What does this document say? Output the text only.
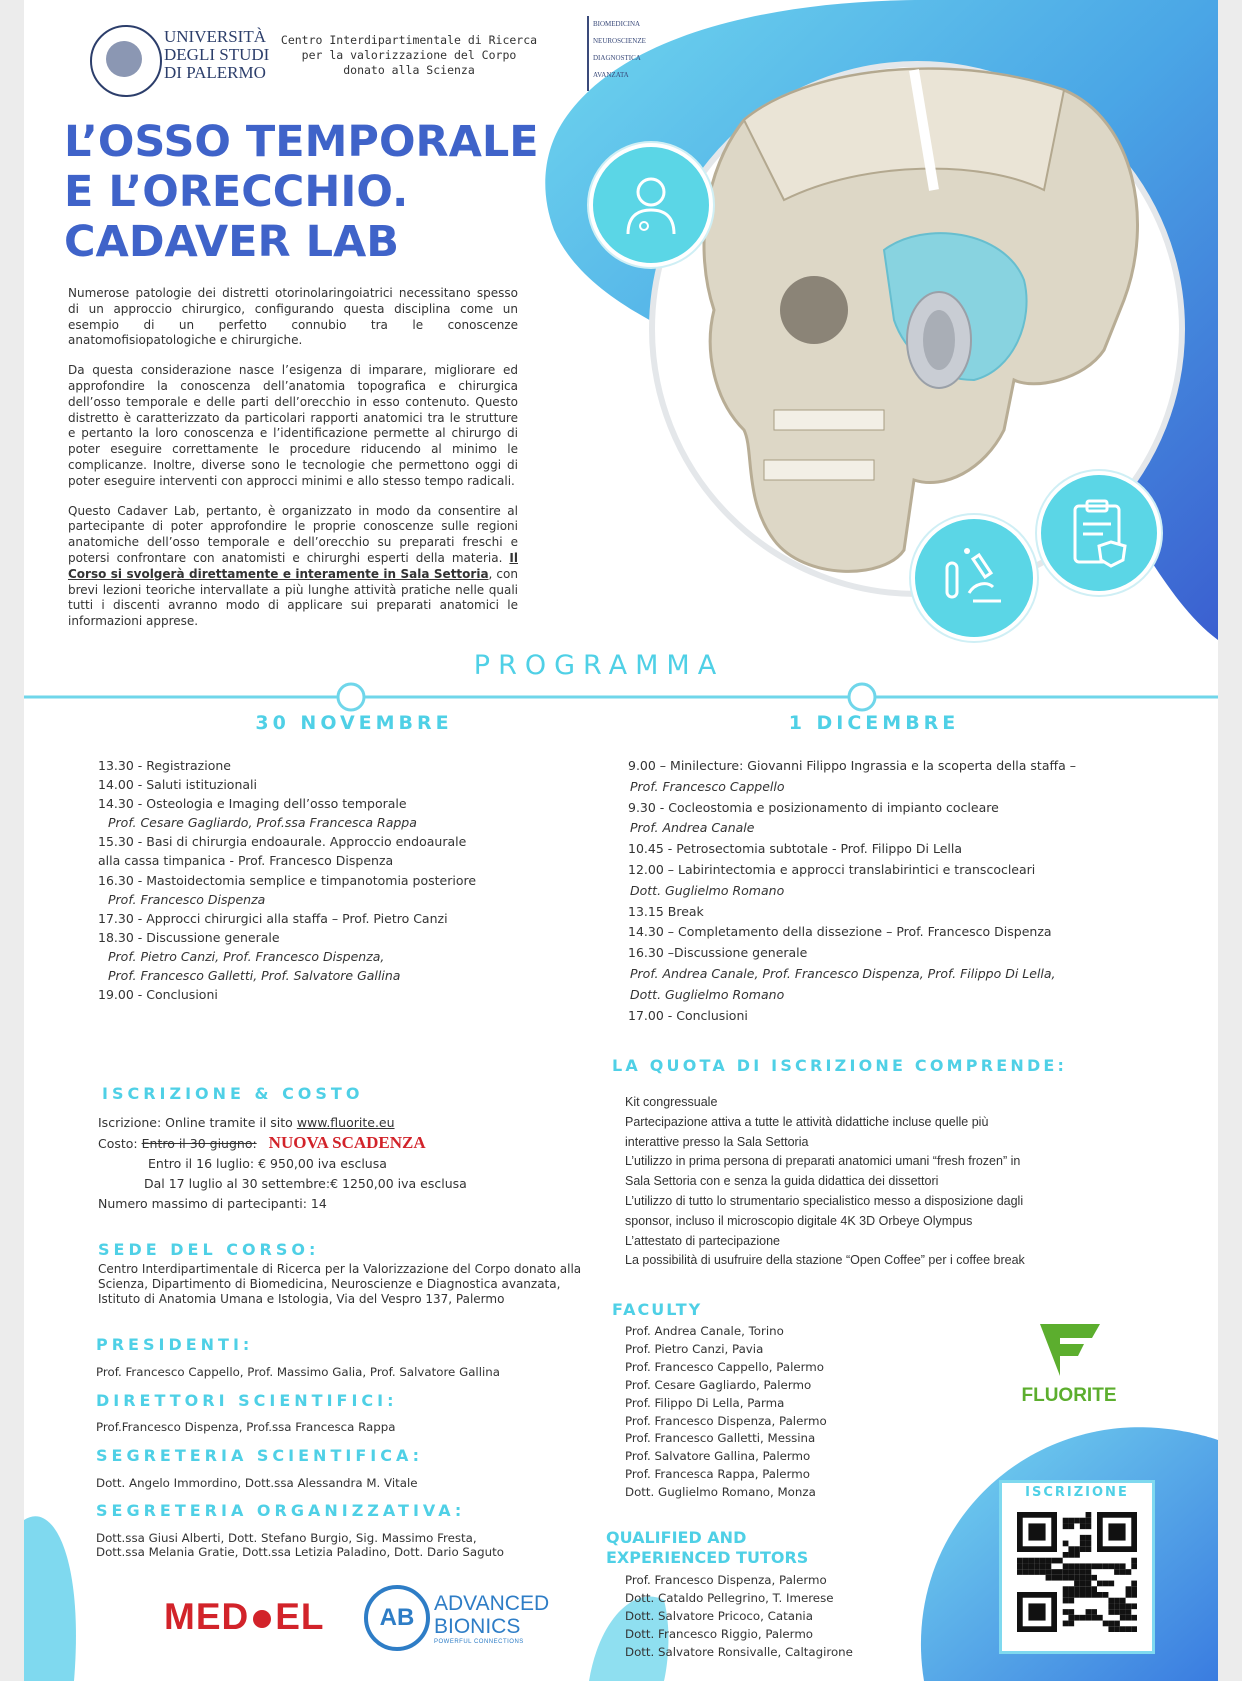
UNIVERSITÀ
DEGLI STUDI
DI PALERMO
Centro Interdipartimentale di Ricerca
per la valorizzazione del Corpo
donato alla Scienza
BIOMEDICINA
NEUROSCIENZE
DIAGNOSTICA
AVANZATA
L’OSSO TEMPORALE
E L’ORECCHIO.
CADAVER LAB

Numerose patologie dei distretti otorinolaringoiatrici necessitano spesso di un approccio chirurgico, configurando questa disciplina come un esempio di un perfetto connubio tra le conoscenze anatomofisiopatologiche e chirurgiche.

Da questa considerazione nasce l’esigenza di imparare, migliorare ed approfondire la conoscenza dell’anatomia topografica e chirurgica dell’osso temporale e delle parti dell’orecchio in esso contenuto. Questo distretto è caratterizzato da particolari rapporti anatomici tra le strutture e pertanto la loro conoscenza e l’identificazione permette al chirurgo di poter eseguire correttamente le procedure riducendo al minimo le complicanze. Inoltre, diverse sono le tecnologie che permettono oggi di poter eseguire interventi con approcci minimi e allo stesso tempo radicali.

Questo Cadaver Lab, pertanto, è organizzato in modo da consentire al partecipante di poter approfondire le proprie conoscenze sulle regioni anatomiche dell’osso temporale e dell’orecchio su preparati freschi e potersi confrontare con anatomisti e chirurghi esperti della materia. Il Corso si svolgerà direttamente e interamente in Sala Settoria, con brevi lezioni teoriche intervallate a più lunghe attività pratiche nelle quali tutti i discenti avranno modo di applicare sui preparati anatomici le informazioni apprese.

PROGRAMMA
30 NOVEMBRE	1 DICEMBRE
13.30 - Registrazione
14.00 - Saluti istituzionali
14.30 - Osteologia e Imaging dell’osso temporale
Prof. Cesare Gagliardo, Prof.ssa Francesca Rappa
15.30 - Basi di chirurgia endoaurale. Approccio endoaurale
alla cassa timpanica - Prof. Francesco Dispenza
16.30 - Mastoidectomia semplice e timpanotomia posteriore
Prof. Francesco Dispenza
17.30 - Approcci chirurgici alla staffa – Prof. Pietro Canzi
18.30 - Discussione generale
Prof. Pietro Canzi, Prof. Francesco Dispenza,
Prof. Francesco Galletti, Prof. Salvatore Gallina
19.00 - Conclusioni
9.00 – Minilecture: Giovanni Filippo Ingrassia e la scoperta della staffa –
Prof. Francesco Cappello
9.30 - Cocleostomia e posizionamento di impianto cocleare
Prof. Andrea Canale
10.45 - Petrosectomia subtotale - Prof. Filippo Di Lella
12.00 – Labirintectomia e approcci translabirintici e transcocleari
Dott. Guglielmo Romano
13.15 Break
14.30 – Completamento della dissezione – Prof. Francesco Dispenza
16.30 –Discussione generale
Prof. Andrea Canale, Prof. Francesco Dispenza, Prof. Filippo Di Lella,
Dott. Guglielmo Romano
17.00 - Conclusioni
ISCRIZIONE & COSTO
Iscrizione: Online tramite il sito www.fluorite.eu
Costo: Entro il 30 giugno: NUOVA SCADENZA
Entro il 16 luglio: € 950,00 iva esclusa
Dal 17 luglio al 30 settembre:€ 1250,00 iva esclusa
Numero massimo di partecipanti: 14
SEDE DEL CORSO:
Centro Interdipartimentale di Ricerca per la Valorizzazione del Corpo donato alla Scienza, Dipartimento di Biomedicina, Neuroscienze e Diagnostica avanzata, Istituto di Anatomia Umana e Istologia, Via del Vespro 137, Palermo
PRESIDENTI:
Prof. Francesco Cappello, Prof. Massimo Galia, Prof. Salvatore Gallina
DIRETTORI SCIENTIFICI:
Prof.Francesco Dispenza, Prof.ssa Francesca Rappa
SEGRETERIA SCIENTIFICA:
Dott. Angelo Immordino, Dott.ssa Alessandra M. Vitale
SEGRETERIA ORGANIZZATIVA:
Dott.ssa Giusi Alberti, Dott. Stefano Burgio, Sig. Massimo Fresta,
Dott.ssa Melania Gratie, Dott.ssa Letizia Paladino, Dott. Dario Saguto
MED EL	AB
ADVANCED
BIONICS
POWERFUL CONNECTIONS
LA QUOTA DI ISCRIZIONE COMPRENDE:
Kit congressuale
Partecipazione attiva a tutte le attività didattiche incluse quelle più
interattive presso la Sala Settoria
L’utilizzo in prima persona di preparati anatomici umani “fresh frozen” in
Sala Settoria con e senza la guida didattica dei dissettori
L’utilizzo di tutto lo strumentario specialistico messo a disposizione dagli
sponsor, incluso il microscopio digitale 4K 3D Orbeye Olympus
L’attestato di partecipazione
La possibilità di usufruire della stazione “Open Coffee” per i coffee break
FACULTY
Prof. Andrea Canale, Torino
Prof. Pietro Canzi, Pavia
Prof. Francesco Cappello, Palermo
Prof. Cesare Gagliardo, Palermo
Prof. Filippo Di Lella, Parma
Prof. Francesco Dispenza, Palermo
Prof. Francesco Galletti, Messina
Prof. Salvatore Gallina, Palermo
Prof. Francesca Rappa, Palermo
Dott. Guglielmo Romano, Monza
QUALIFIED AND
EXPERIENCED TUTORS
Prof. Francesco Dispenza, Palermo
Dott. Cataldo Pellegrino, T. Imerese
Dott. Salvatore Pricoco, Catania
Dott. Francesco Riggio, Palermo
Dott. Salvatore Ronsivalle, Caltagirone
FLUORITE
ISCRIZIONE
